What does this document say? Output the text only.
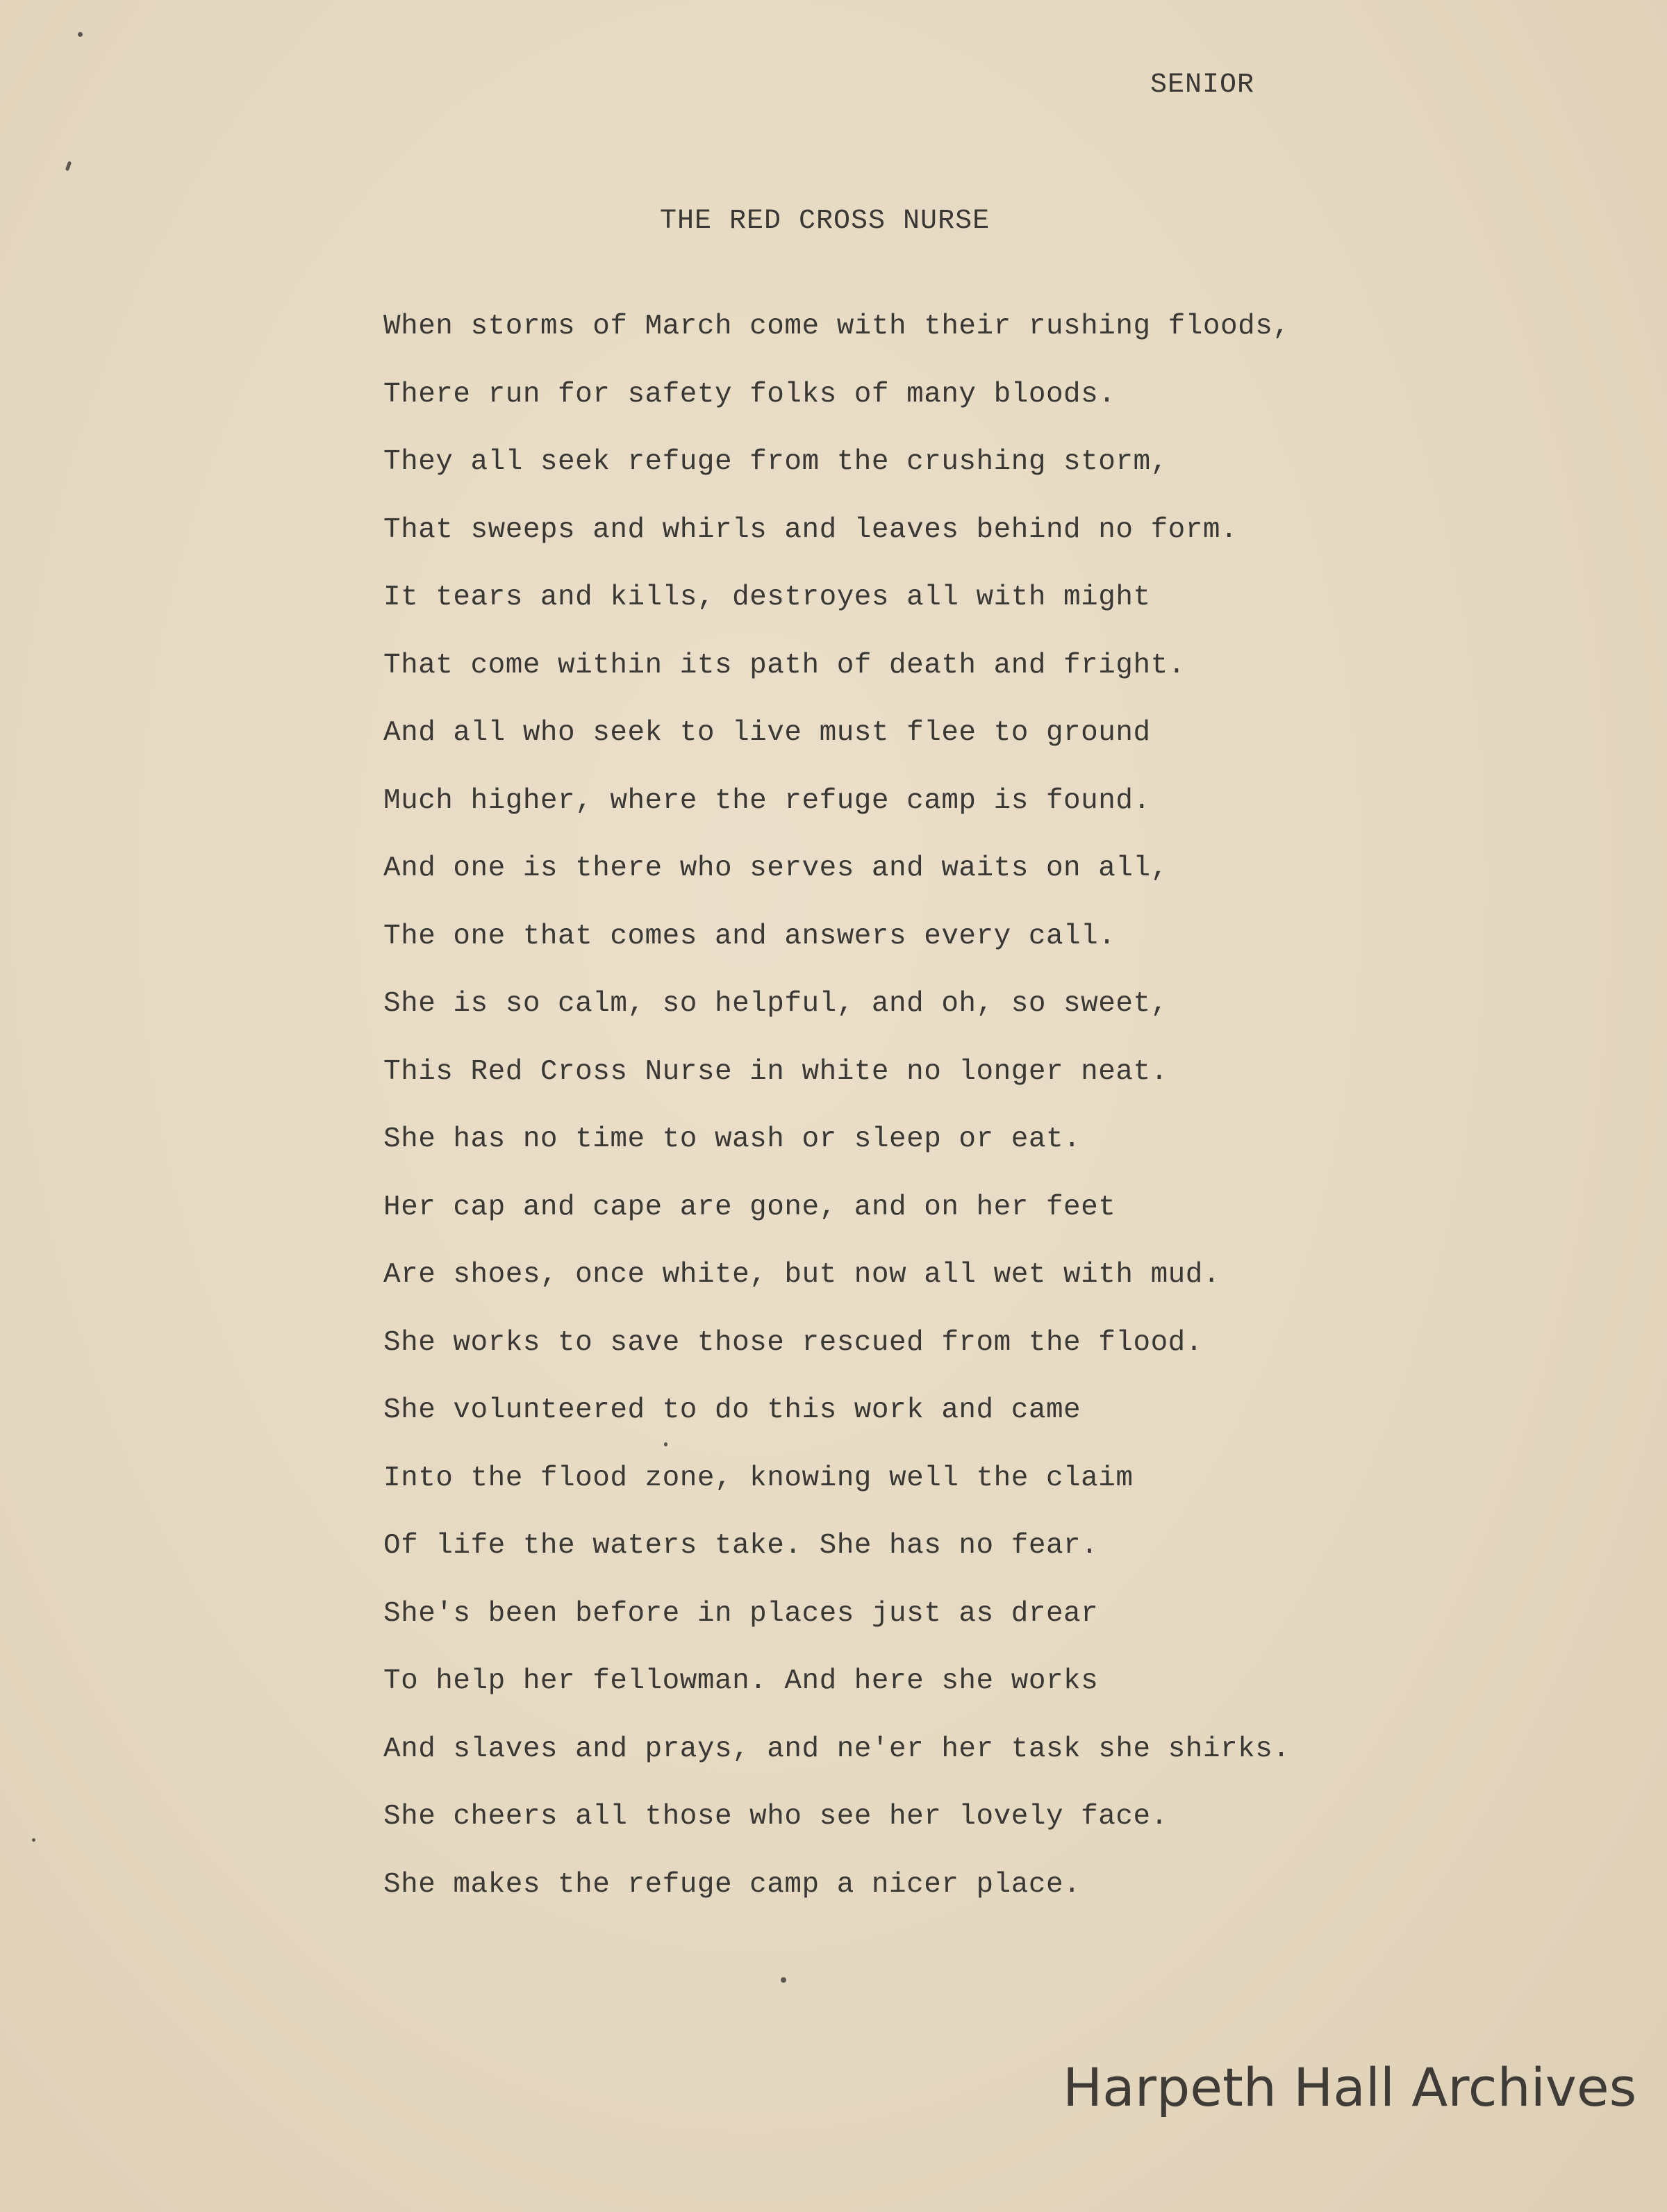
SENIOR
THE RED CROSS NURSE
When storms of March come with their rushing floods,
There run for safety folks of many bloods.
They all seek refuge from the crushing storm,
That sweeps and whirls and leaves behind no form.
It tears and kills, destroyes all with might
That come within its path of death and fright.
And all who seek to live must flee to ground
Much higher, where the refuge camp is found.
And one is there who serves and waits on all,
The one that comes and answers every call.
She is so calm, so helpful, and oh, so sweet,
This Red Cross Nurse in white no longer neat.
She has no time to wash or sleep or eat.
Her cap and cape are gone, and on her feet
Are shoes, once white, but now all wet with mud.
She works to save those rescued from the flood.
She volunteered to do this work and came
Into the flood zone, knowing well the claim
Of life the waters take. She has no fear.
She's been before in places just as drear
To help her fellowman. And here she works
And slaves and prays, and ne'er her task she shirks.
She cheers all those who see her lovely face.
She makes the refuge camp a nicer place.
Harpeth Hall Archives
